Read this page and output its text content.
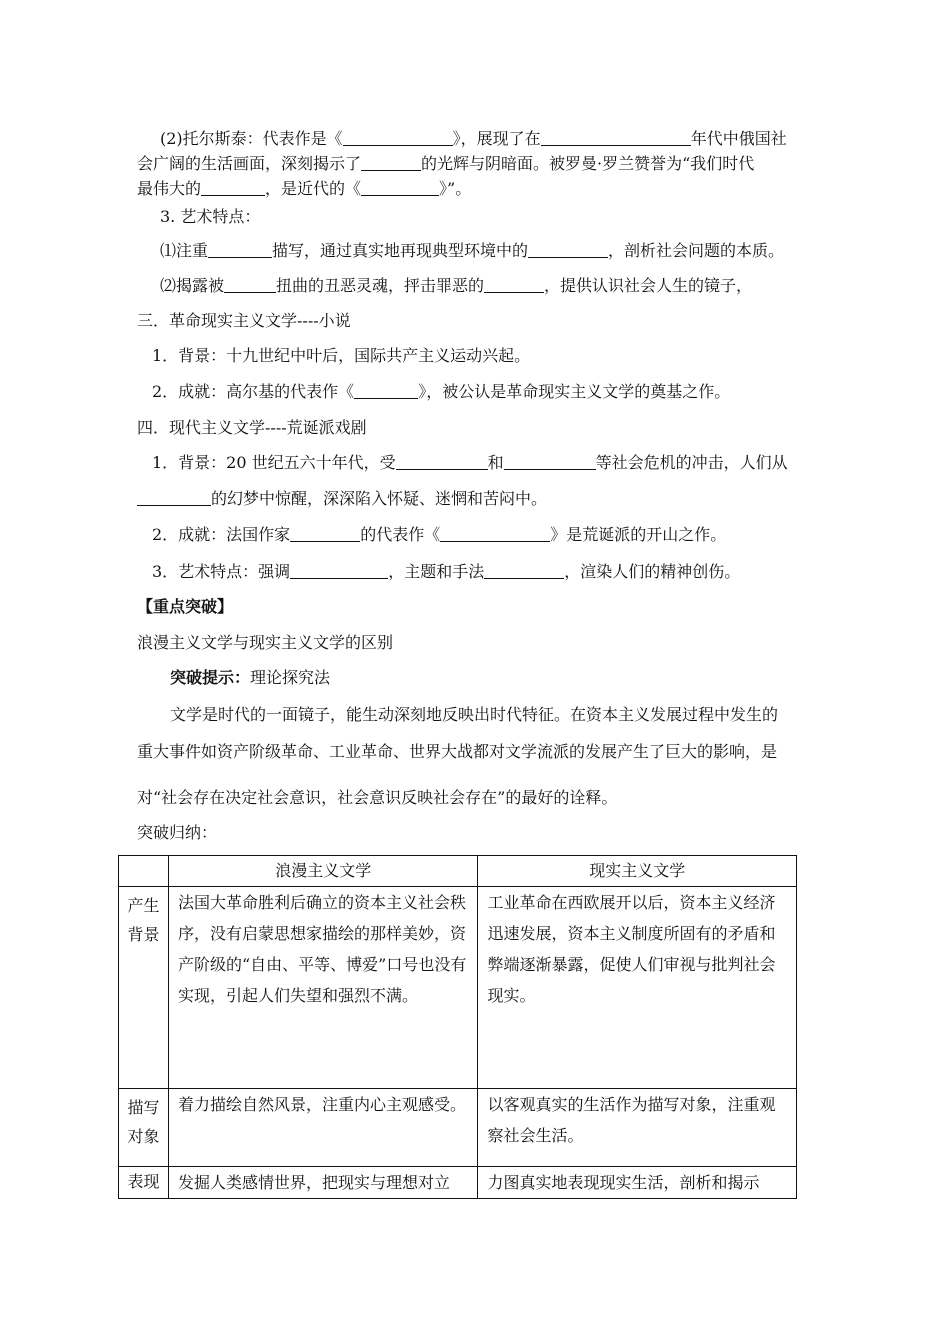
(2)托尔斯泰：代表作是《	》，展现了在	年代中俄国社
会广阔的生活画面，深刻揭示了	的光辉与阴暗面。被罗曼·罗兰赞誉为“我们时代
最伟大的	，是近代的《	》”。
3. 艺术特点：
⑴注重	描写，通过真实地再现典型环境中的	，剖析社会问题的本质。
⑵揭露被	扭曲的丑恶灵魂，抨击罪恶的	，提供认识社会人生的镜子，
三．革命现实主义文学----小说
1．背景：十九世纪中叶后，国际共产主义运动兴起。
2．成就：高尔基的代表作《	》，被公认是革命现实主义文学的奠基之作。
四．现代主义文学----荒诞派戏剧
1．背景：20 世纪五六十年代，受	和	等社会危机的冲击，人们从
的幻梦中惊醒，深深陷入怀疑、迷惘和苦闷中。
2．成就：法国作家	的代表作《	》是荒诞派的开山之作。
3．艺术特点：强调	，主题和手法	，渲染人们的精神创伤。
【重点突破】
浪漫主义文学与现实主义文学的区别
突破提示：理论探究法
文学是时代的一面镜子，能生动深刻地反映出时代特征。在资本主义发展过程中发生的
重大事件如资产阶级革命、工业革命、世界大战都对文学流派的发展产生了巨大的影响，是
对“社会存在决定社会意识，社会意识反映社会存在”的最好的诠释。
突破归纳：
	浪漫主义文学	现实主义文学
产生背景	法国大革命胜利后确立的资本主义社会秩序，没有启蒙思想家描绘的那样美妙，资产阶级的“自由、平等、博爱”口号也没有实现，引起人们失望和强烈不满。	工业革命在西欧展开以后，资本主义经济迅速发展，资本主义制度所固有的矛盾和弊端逐渐暴露，促使人们审视与批判社会现实。
描写对象	着力描绘自然风景，注重内心主观感受。	以客观真实的生活作为描写对象，注重观察社会生活。
表现	发掘人类感情世界，把现实与理想对立	力图真实地表现现实生活，剖析和揭示
